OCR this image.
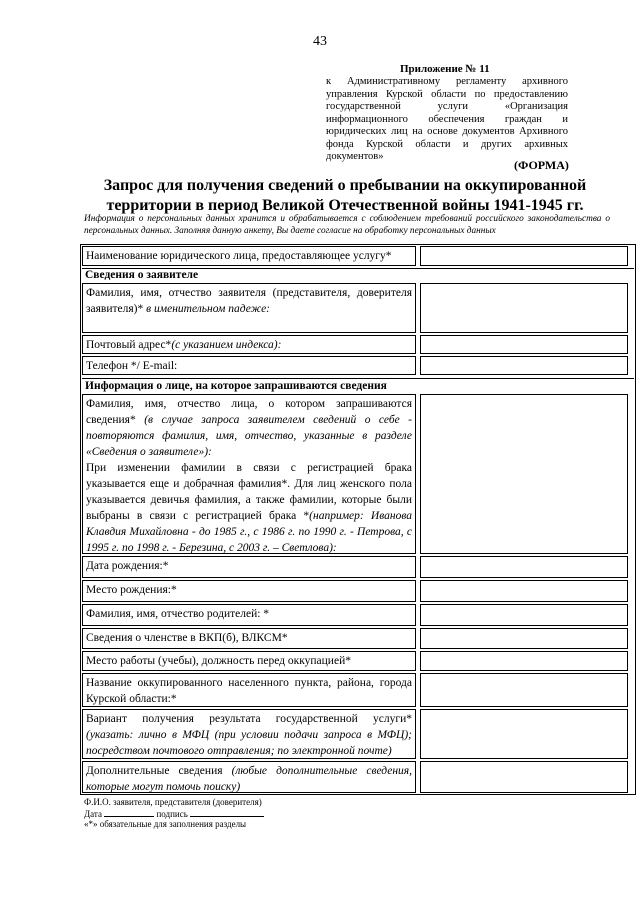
43
Приложение № 11
к Административному регламенту архивного управления Курской области по предоставлению государственной услуги «Организация информационного обеспечения граждан и юридических лиц на основе документов Архивного фонда Курской области и других архивных документов»
(ФОРМА)
Запрос для получения сведений о пребывании на оккупированной
территории в период Великой Отечественной войны 1941-1945 гг.
Информация о персональных данных хранится и обрабатывается с соблюдением требований российского законодательства о персональных данных. Заполняя данную анкету, Вы даете согласие на обработку персональных данных
Наименование юридического лица, предоставляющее услугу*
Сведения о заявителе
Фамилия, имя, отчество заявителя (представителя, доверителя заявителя)* в именительном падеже:
Почтовый адрес*(с указанием индекса):
Телефон */ E-mail:
Информация о лице, на которое запрашиваются сведения
Фамилия, имя, отчество лица, о котором запрашиваются сведения* (в случае запроса заявителем сведений о себе - повторяются фамилия, имя, отчество, указанные в разделе «Сведения о заявителе»):
При изменении фамилии в связи с регистрацией брака указывается еще и добрачная фамилия*. Для лиц женского пола указывается девичья фамилия, а также фамилии, которые были выбраны в связи с регистрацией брака *(например: Иванова Клавдия Михайловна - до 1985 г., с 1986 г. по 1990 г. - Петрова, с 1995 г. по 1998 г. - Березина, с 2003 г. – Светлова):
Дата рождения:*
Место рождения:*
Фамилия, имя, отчество родителей: *
Сведения о членстве в ВКП(б), ВЛКСМ*
Место работы (учебы), должность перед оккупацией*
Название оккупированного населенного пункта, района, города Курской области:*
Вариант получения результата государственной услуги* (указать: лично в МФЦ (при условии подачи запроса в МФЦ); посредством почтового отправления; по электронной почте)
Дополнительные сведения (любые дополнительные сведения, которые могут помочь поиску)
Ф.И.О. заявителя, представителя (доверителя)
Дата	подпись
«*» обязательные для заполнения разделы
